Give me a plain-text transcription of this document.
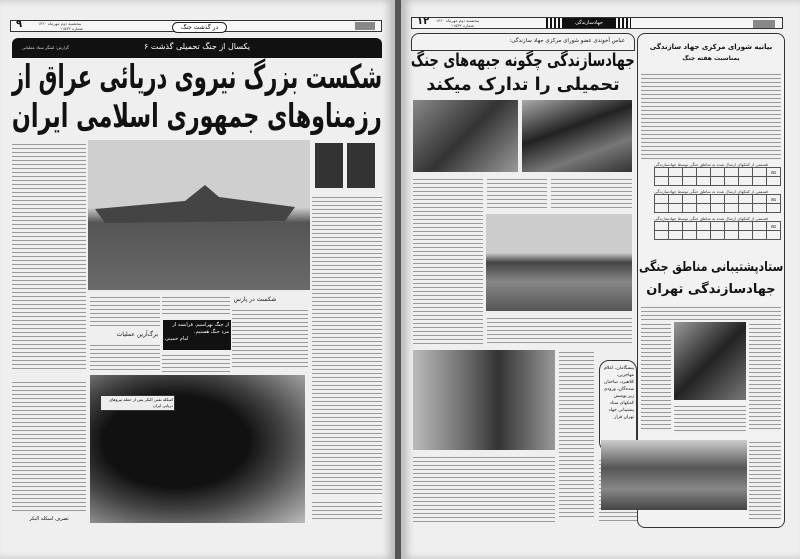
۹	پنجشنبه دوم مهرماه ۱۳۶۰
شماره ۱۱۵۳۲	در گذشت جنگ
یکسال از جنگ تحمیلی گذشت ۶
گزارش: لشگر ستاد عملیاتی
شکست بزرگ نیروی دریائی عراق از
رزمناوهای جمهوری اسلامی ایران
شکست در پارس
برگ‌آرین عملیات
از جنگ نهراسیم. فرانسه از مرد جنگ هستیم.
امام خمینی
اسکله نفتی البکر پس از حمله نیروهای دریایی ایران
تصرف اسکله البکر
۱۲ پنجشنبه دوم مهرماه ۱۳۶۰
شماره ۱۱۵۳۲	جهادسازندگی
عباس آخوندی عضو شورای مرکزی جهاد سازندگی:
جهادسازندگی چگونه جبهه‌های جنگ
تحمیلی را تدارک میکند
پیشگامان، اعلام مهاجرین، کلاهبرد، صاحبان شده‌گان، ورودی زیر پوشش کمکهای ستاد پشتیبانی جهاد تهران قرار
بیانیه شورای مرکزی جهاد سازندگی
بمناسبت هفته جنگ
قسمتی از کمکهای ارسال شده به مناطق جنگی توسط جهادسازندگی
کالا								

قسمتی از کمکهای ارسال شده به مناطق جنگی توسط جهادسازندگی
کالا								

قسمتی از کمکهای ارسال شده به مناطق جنگی توسط جهادسازندگی
کالا								

ستادپشتیبانی مناطق جنگی
جهادسازندگی تهران
